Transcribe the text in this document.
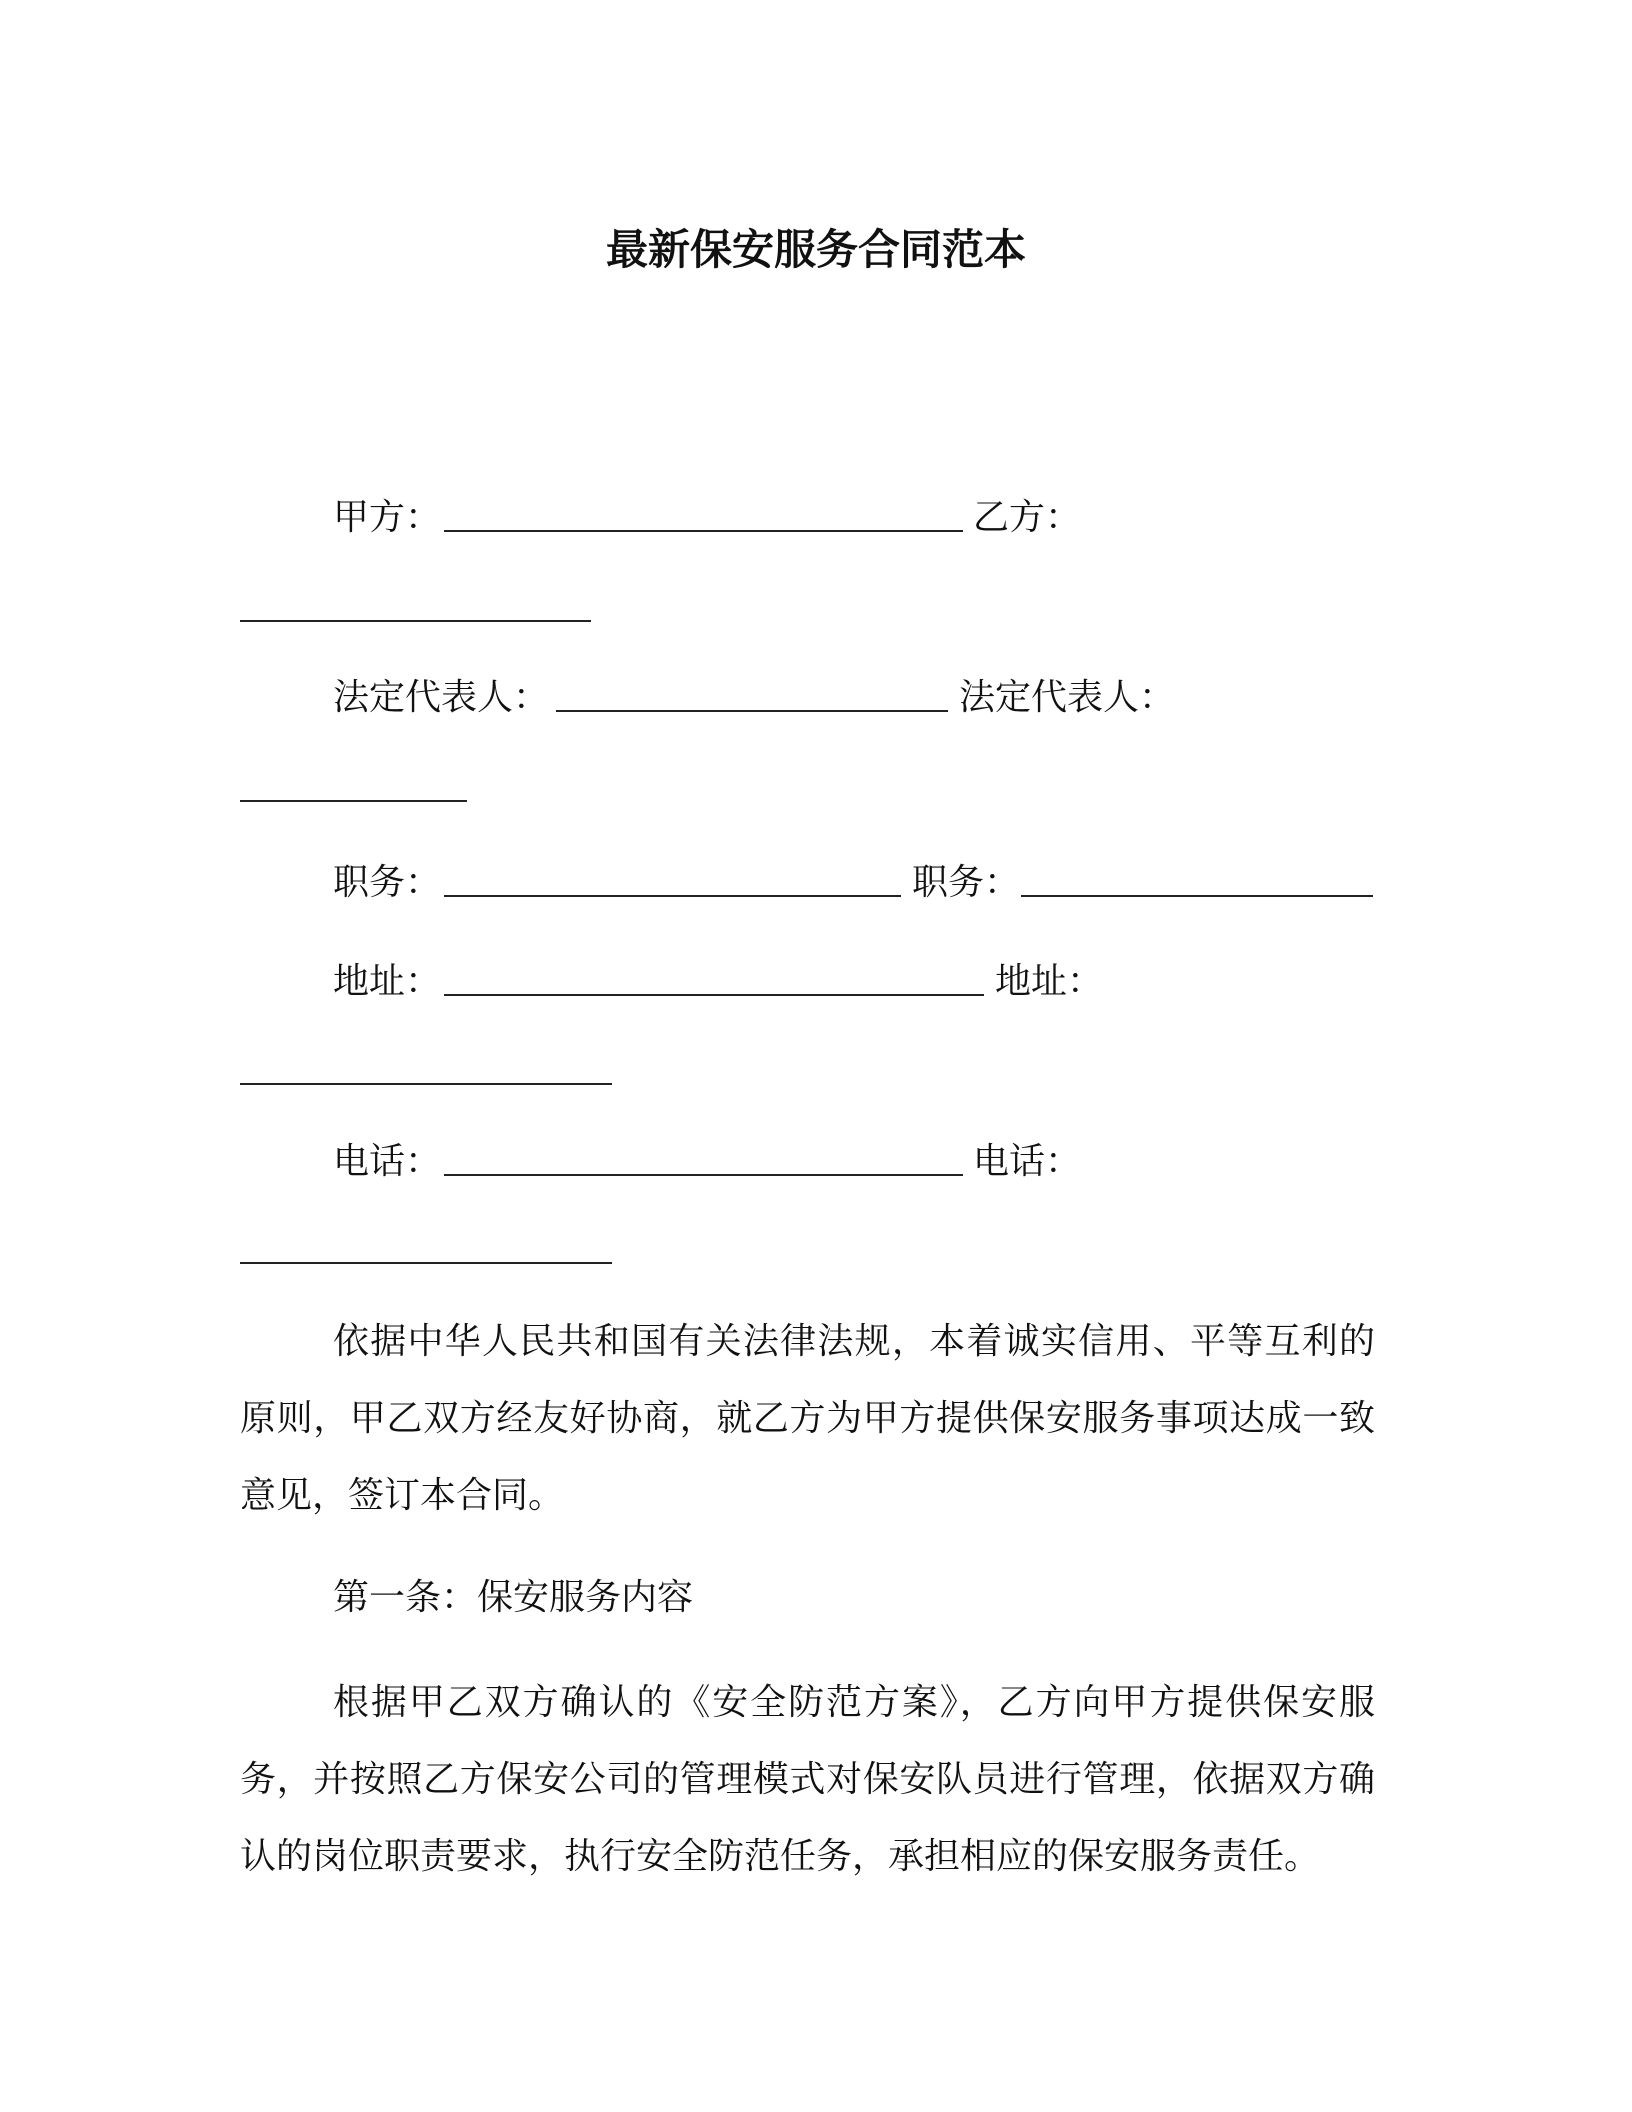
最新保安服务合同范本
甲方：	乙方：
法定代表人：	法定代表人：
职务：	职务：
地址：	地址：
电话：	电话：
依据中华人民共和国有关法律法规，本着诚实信用、平等互利的原则，甲乙双方经友好协商，就乙方为甲方提供保安服务事项达成一致意见，签订本合同。
第一条：保安服务内容
根据甲乙双方确认的《安全防范方案》，乙方向甲方提供保安服务，并按照乙方保安公司的管理模式对保安队员进行管理，依据双方确认的岗位职责要求，执行安全防范任务，承担相应的保安服务责任。
